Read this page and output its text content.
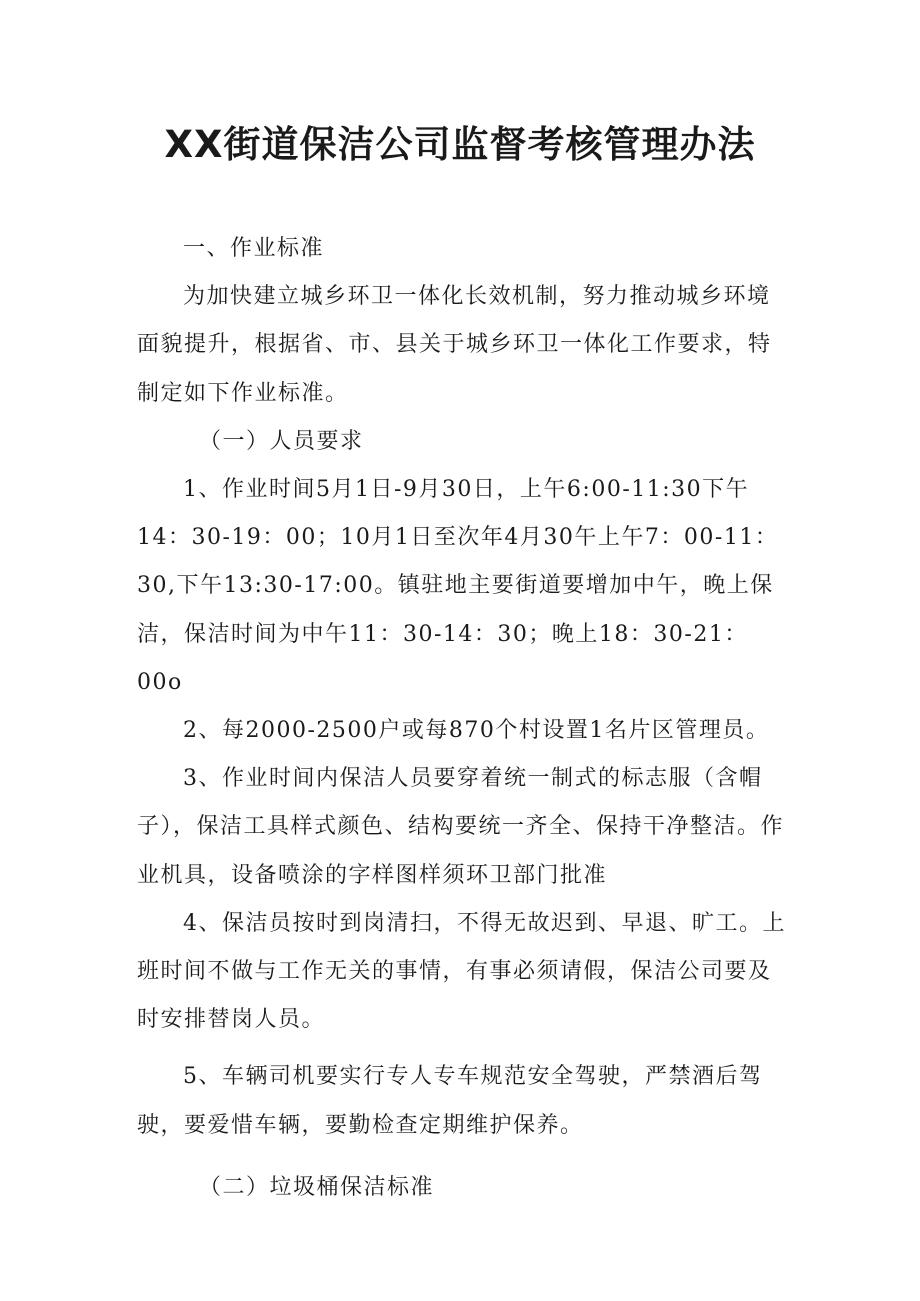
XX街道保洁公司监督考核管理办法

一、作业标准

为加快建立城乡环卫一体化长效机制，努力推动城乡环境面貌提升，根据省、市、县关于城乡环卫一体化工作要求，特制定如下作业标准。

（一）人员要求

1、作业时间5月1日-9月30日，上午6:00-11:30下午14：30-19：00；10月1日至次年4月30午上午7：00-11：30,下午13:30-17:00。镇驻地主要街道要增加中午，晚上保洁，保洁时间为中午11：30-14：30；晚上18：30-21：00o

2、每2000-2500户或每870个村设置1名片区管理员。

3、作业时间内保洁人员要穿着统一制式的标志服（含帽子），保洁工具样式颜色、结构要统一齐全、保持干净整洁。作业机具，设备喷涂的字样图样须环卫部门批准

4、保洁员按时到岗清扫，不得无故迟到、早退、旷工。上班时间不做与工作无关的事情，有事必须请假，保洁公司要及时安排替岗人员。

5、车辆司机要实行专人专车规范安全驾驶，严禁酒后驾驶，要爱惜车辆，要勤检查定期维护保养。

（二）垃圾桶保洁标准
